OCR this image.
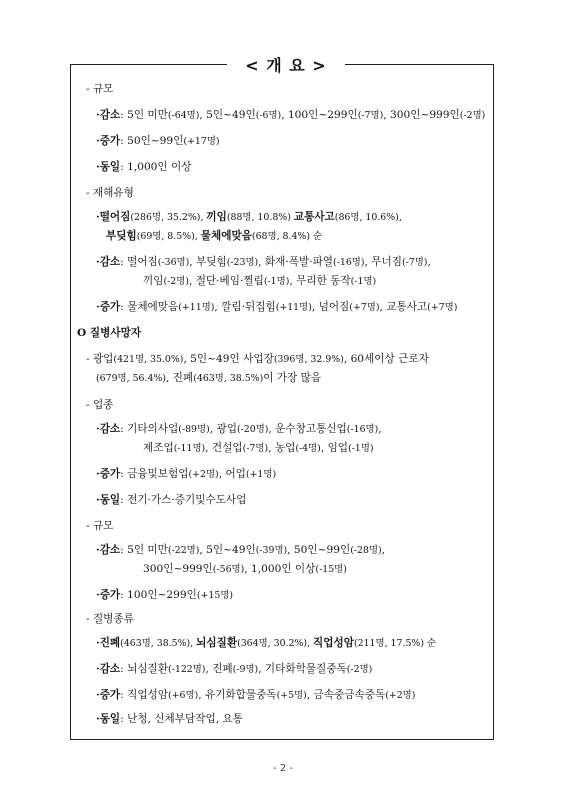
< 개 요 >
- 규모
·감소: 5인 미만(-64명), 5인~49인(-6명), 100인~299인(-7명), 300인~999인(-2명)
·증가: 50인~99인(+17명)
·동일: 1,000인 이상
- 재해유형
·떨어짐(286명, 35.2%), 끼임(88명, 10.8%) 교통사고(86명, 10.6%),
부딪힘(69명, 8.5%), 물체에맞음(68명, 8.4%) 순
·감소: 떨어짐(-36명), 부딪힘(-23명), 화재·폭발·파열(-16명), 무너짐(-7명),
끼임(-2명), 절단·베임·찔림(-1명), 무리한 동작(-1명)
·증가: 물체에맞음(+11명), 깔림·뒤집힘(+11명), 넘어짐(+7명), 교통사고(+7명)
O 질병사망자
- 광업(421명, 35.0%), 5인~49인 사업장(396명, 32.9%), 60세이상 근로자
(679명, 56.4%), 진폐(463명, 38.5%)이 가장 많음
- 업종
·감소: 기타의사업(-89명), 광업(-20명), 운수창고통신업(-16명),
제조업(-11명), 건설업(-7명), 농업(-4명), 임업(-1명)
·증가: 금융및보험업(+2명), 어업(+1명)
·동일: 전기·가스·증기및수도사업
- 규모
·감소: 5인 미만(-22명), 5인~49인(-39명), 50인~99인(-28명),
300인~999인(-56명), 1,000인 이상(-15명)
·증가: 100인~299인(+15명)
- 질병종류
·진폐(463명, 38.5%), 뇌심질환(364명, 30.2%), 직업성암(211명, 17.5%) 순
·감소: 뇌심질환(-122명), 진폐(-9명), 기타화학물질중독(-2명)
·증가: 직업성암(+6명), 유기화합물중독(+5명), 금속중금속중독(+2명)
·동일: 난청, 신체부담작업, 요통
- 2 -
